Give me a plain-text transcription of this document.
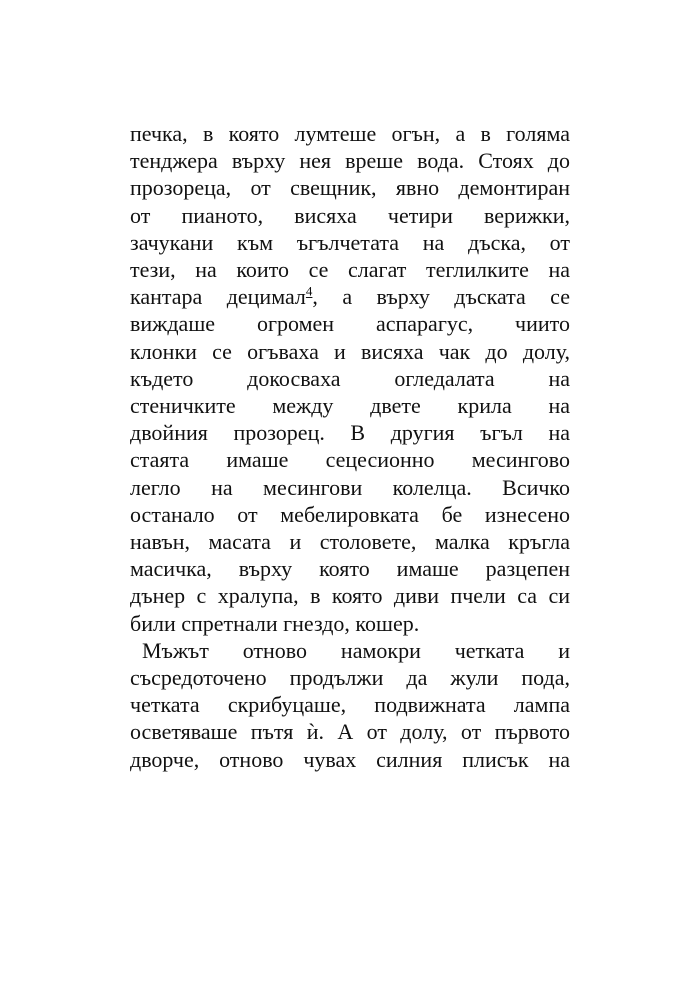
печка, в която лумтеше огън, а в голяма
тенджера върху нея вреше вода. Стоях до
прозореца, от свещник, явно демонтиран
от пианото, висяха четири верижки,
зачукани към ъгълчетата на дъска, от
тези, на които се слагат теглилките на
кантара децимал$^4$, а върху дъската се
виждаше огромен аспарагус, чиито
клонки се огъваха и висяха чак до долу,
където докосваха огледалата на
стеничките между двете крила на
двойния прозорец. В другия ъгъл на
стаята имаше сецесионно месингово
легло на месингови колелца. Всичко
останало от мебелировката бе изнесено
навън, масата и столовете, малка кръгла
масичка, върху която имаше разцепен
дънер с хралупа, в която диви пчели са си
били спретнали гнездо, кошер.
Мъжът отново намокри четката и
съсредоточено продължи да жули пода,
четката скрибуцаше, подвижната лампа
осветяваше пътя ѝ. А от долу, от първото
дворче, отново чувах силния плисък на
